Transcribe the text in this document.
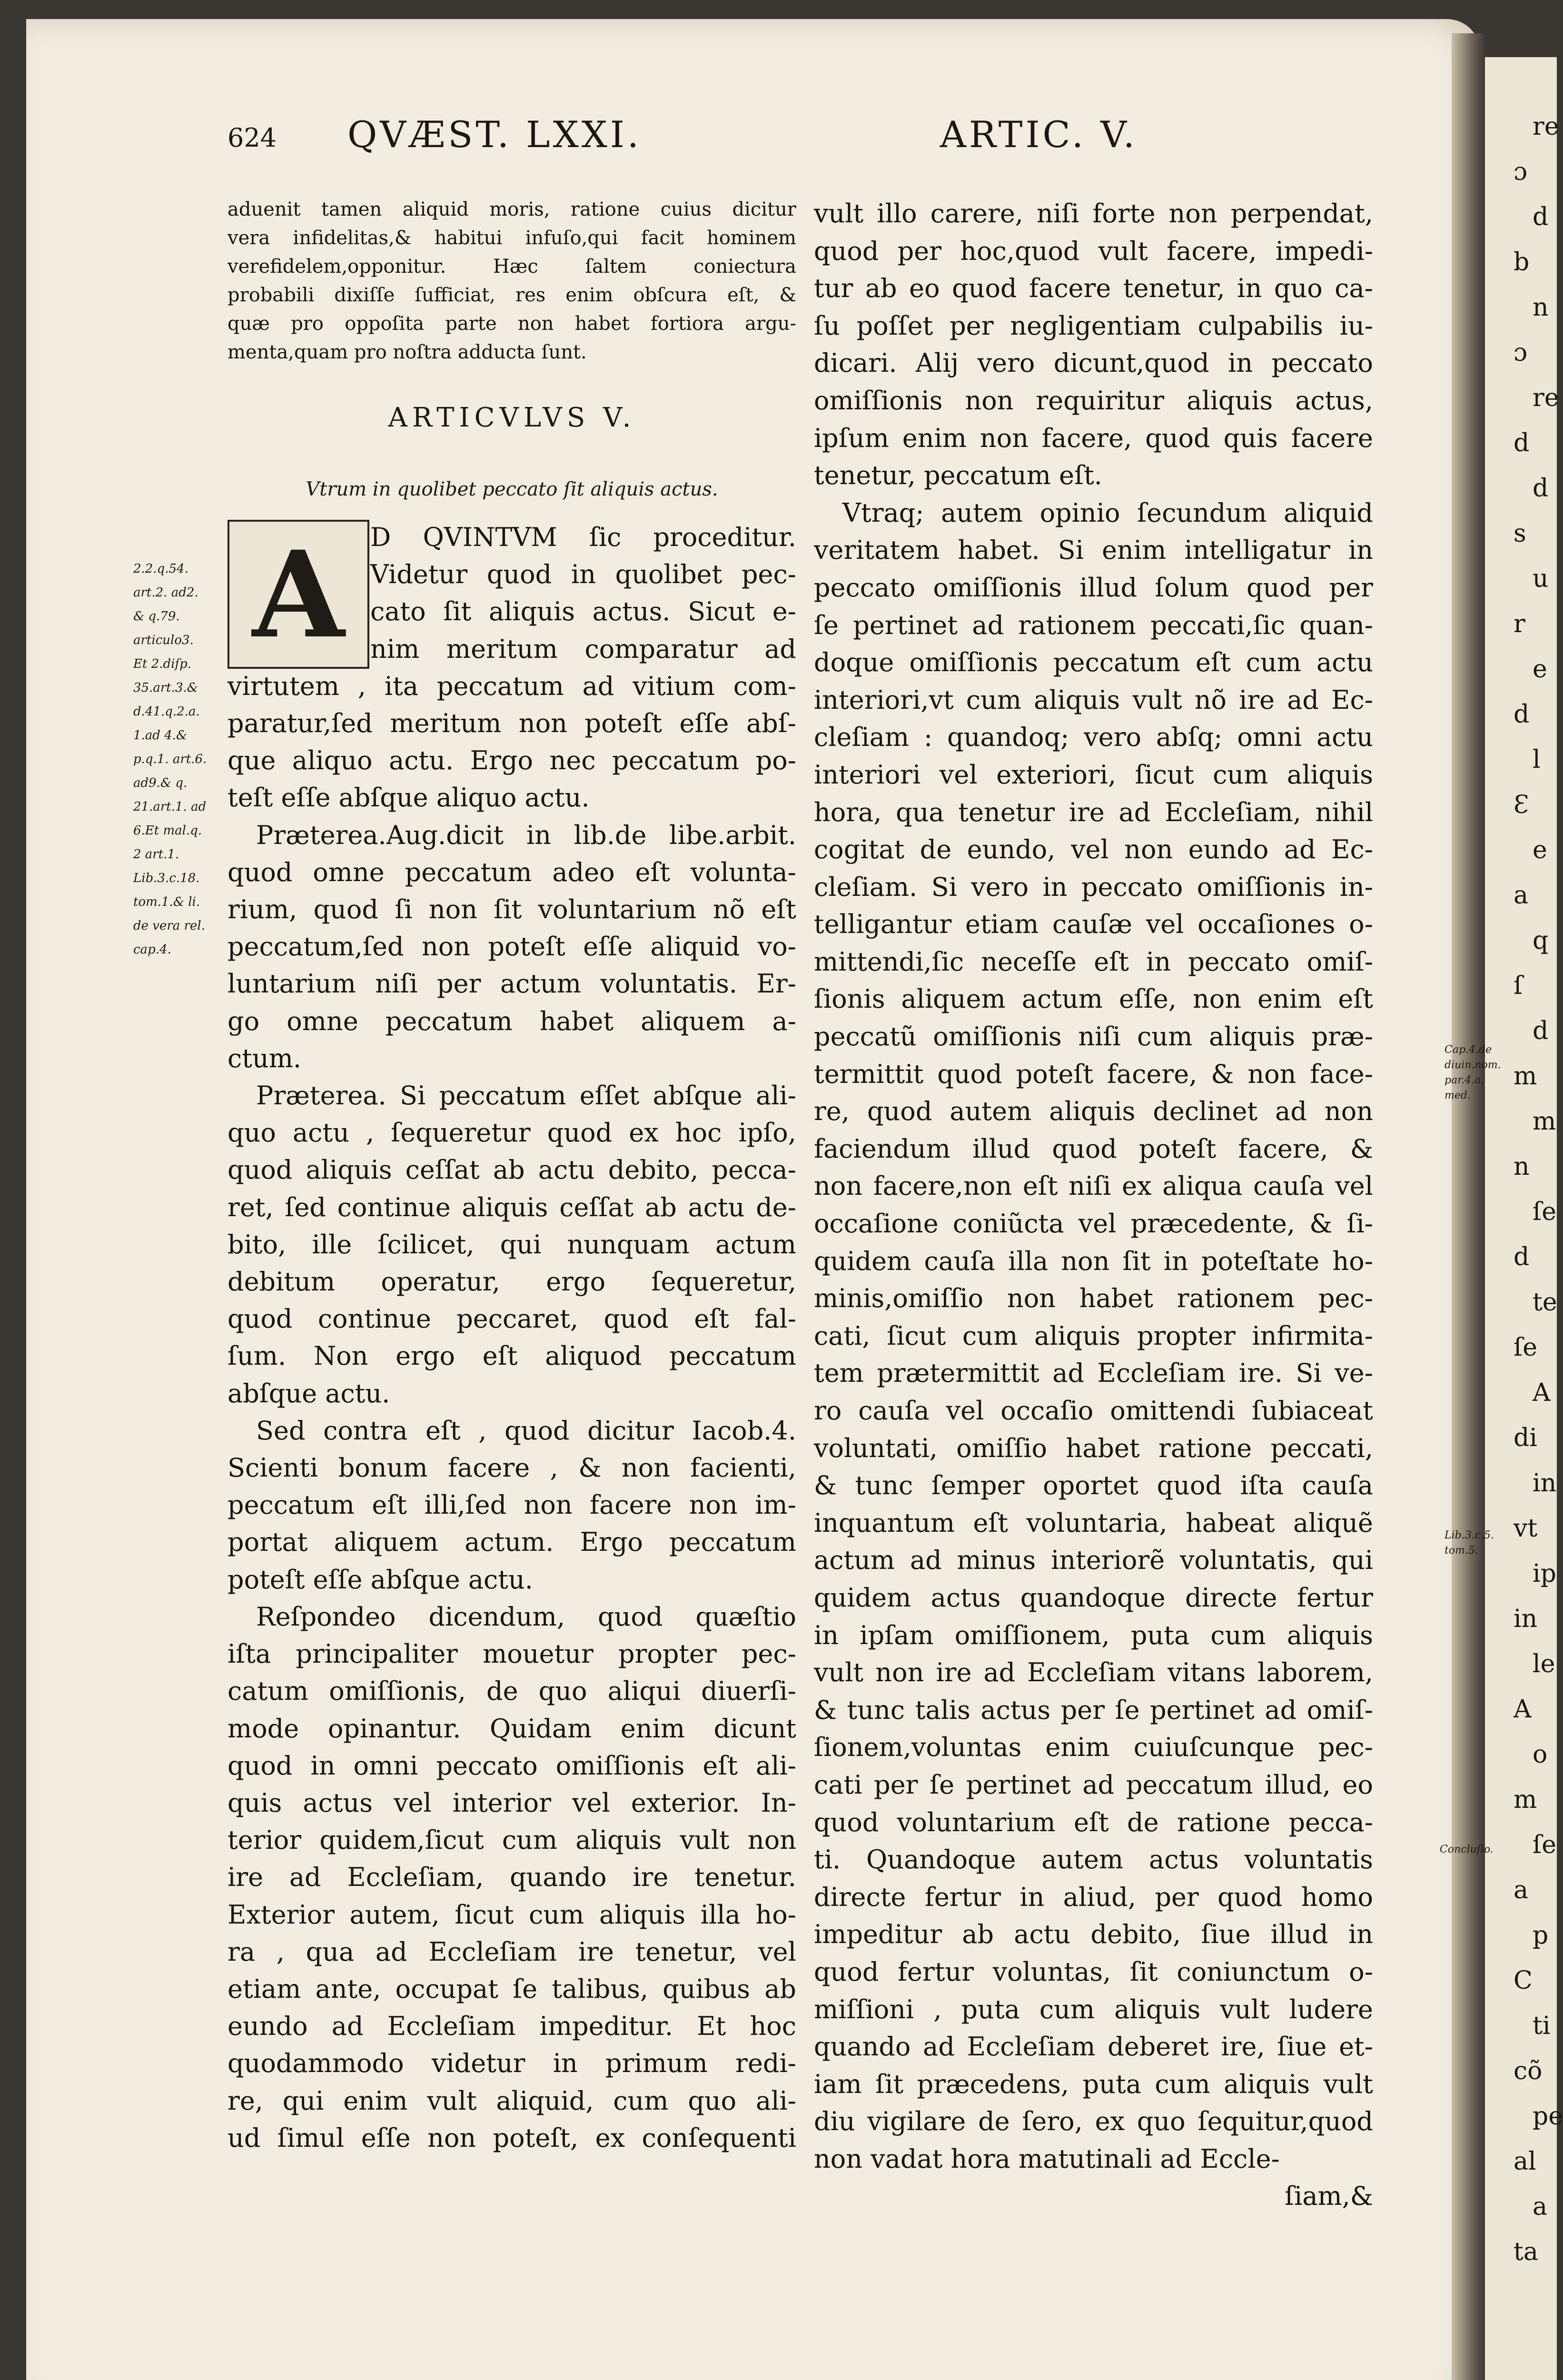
re
ɔ
d
b
n
ɔ
re
d
d
s
u
r
e
d
l
Ɛ
e
a
q
ſ
d
m
m
n
ſe
d
te
ſe
A
di
in
vt
ip
in
le
A
o
m
ſe
a
p
C
ti
cõ
pe
al
a
ta
624 QVÆST. LXXI.	ARTIC. V.
aduenit tamen aliquid moris, ratione cuius dicitur
vera infidelitas,& habitui infuſo,qui facit hominem
verefidelem,opponitur. Hæc ſaltem coniectura
probabili dixiſſe ſufficiat, res enim obſcura eſt, &
quæ pro oppoſita parte non habet fortiora argu-
menta,quam pro noſtra adducta ſunt.
ARTICVLVS V.
Vtrum in quolibet peccato ſit aliquis actus.
A	D QVINTVM ſic proceditur.
Videtur quod in quolibet pec-
cato ſit aliquis actus. Sicut e-
nim meritum comparatur ad
virtutem , ita peccatum ad vitium com-
paratur,ſed meritum non poteſt eſſe abſ-
que aliquo actu. Ergo nec peccatum po-
teſt eſſe abſque aliquo actu.
Præterea.Aug.dicit in lib.de libe.arbit.
quod omne peccatum adeo eſt volunta-
rium, quod ſi non ſit voluntarium nõ eſt
peccatum,ſed non poteſt eſſe aliquid vo-
luntarium niſi per actum voluntatis. Er-
go omne peccatum habet aliquem a-
ctum.
Præterea. Si peccatum eſſet abſque ali-
quo actu , ſequeretur quod ex hoc ipſo,
quod aliquis ceſſat ab actu debito, pecca-
ret, ſed continue aliquis ceſſat ab actu de-
bito, ille ſcilicet, qui nunquam actum
debitum operatur, ergo ſequeretur,
quod continue peccaret, quod eſt fal-
ſum. Non ergo eſt aliquod peccatum
abſque actu.
Sed contra eſt , quod dicitur Iacob.4.
Scienti bonum facere , & non facienti,
peccatum eſt illi,ſed non facere non im-
portat aliquem actum. Ergo peccatum
poteſt eſſe abſque actu.
Reſpondeo dicendum, quod quæſtio
iſta principaliter mouetur propter pec-
catum omiſſionis, de quo aliqui diuerſi-
mode opinantur. Quidam enim dicunt
quod in omni peccato omiſſionis eſt ali-
quis actus vel interior vel exterior. In-
terior quidem,ſicut cum aliquis vult non
ire ad Eccleſiam, quando ire tenetur.
Exterior autem, ſicut cum aliquis illa ho-
ra , qua ad Eccleſiam ire tenetur, vel
etiam ante, occupat ſe talibus, quibus ab
eundo ad Eccleſiam impeditur. Et hoc
quodammodo videtur in primum redi-
re, qui enim vult aliquid, cum quo ali-
ud ſimul eſſe non poteſt, ex conſequenti
vult illo carere, niſi forte non perpendat,
quod per hoc,quod vult facere, impedi-
tur ab eo quod facere tenetur, in quo ca-
ſu poſſet per negligentiam culpabilis iu-
dicari. Alij vero dicunt,quod in peccato
omiſſionis non requiritur aliquis actus,
ipſum enim non facere, quod quis facere
tenetur, peccatum eſt.
Vtraq; autem opinio ſecundum aliquid
veritatem habet. Si enim intelligatur in
peccato omiſſionis illud ſolum quod per
ſe pertinet ad rationem peccati,ſic quan-
doque omiſſionis peccatum eſt cum actu
interiori,vt cum aliquis vult nõ ire ad Ec-
cleſiam : quandoq; vero abſq; omni actu
interiori vel exteriori, ſicut cum aliquis
hora, qua tenetur ire ad Eccleſiam, nihil
cogitat de eundo, vel non eundo ad Ec-
cleſiam. Si vero in peccato omiſſionis in-
telligantur etiam cauſæ vel occaſiones o-
mittendi,ſic neceſſe eſt in peccato omiſ-
ſionis aliquem actum eſſe, non enim eſt
peccatũ omiſſionis niſi cum aliquis præ-
termittit quod poteſt facere, & non face-
re, quod autem aliquis declinet ad non
faciendum illud quod poteſt facere, &
non facere,non eſt niſi ex aliqua cauſa vel
occaſione coniũcta vel præcedente, & ſi-
quidem cauſa illa non ſit in poteſtate ho-
minis,omiſſio non habet rationem pec-
cati, ſicut cum aliquis propter infirmita-
tem prætermittit ad Eccleſiam ire. Si ve-
ro cauſa vel occaſio omittendi ſubiaceat
voluntati, omiſſio habet ratione peccati,
& tunc ſemper oportet quod iſta cauſa
inquantum eſt voluntaria, habeat aliquẽ
actum ad minus interiorẽ voluntatis, qui
quidem actus quandoque directe fertur
in ipſam omiſſionem, puta cum aliquis
vult non ire ad Eccleſiam vitans laborem,
& tunc talis actus per ſe pertinet ad omiſ-
ſionem,voluntas enim cuiuſcunque pec-
cati per ſe pertinet ad peccatum illud, eo
quod voluntarium eſt de ratione pecca-
ti. Quandoque autem actus voluntatis
directe fertur in aliud, per quod homo
impeditur ab actu debito, ſiue illud in
quod fertur voluntas, ſit coniunctum o-
miſſioni , puta cum aliquis vult ludere
quando ad Eccleſiam deberet ire, ſiue et-
iam ſit præcedens, puta cum aliquis vult
diu vigilare de ſero, ex quo ſequitur,quod
non vadat hora matutinali ad Eccle-
ſiam,&
2.2.q.54.
art.2. ad2.
& q.79.
articulo3.
Et 2.diſp.
35.art.3.&
d.41.q.2.a.
1.ad 4.&
p.q.1. art.6.
ad9.& q.
21.art.1. ad
6.Et mal.q.
2 art.1.
Lib.3.c.18.
tom.1.& li.
de vera rel.
cap.4.
Cap.4.de
diuin.nom.
par.4.a.
med.
Lib.3.c.5.
tom.5.
Concluſio.
